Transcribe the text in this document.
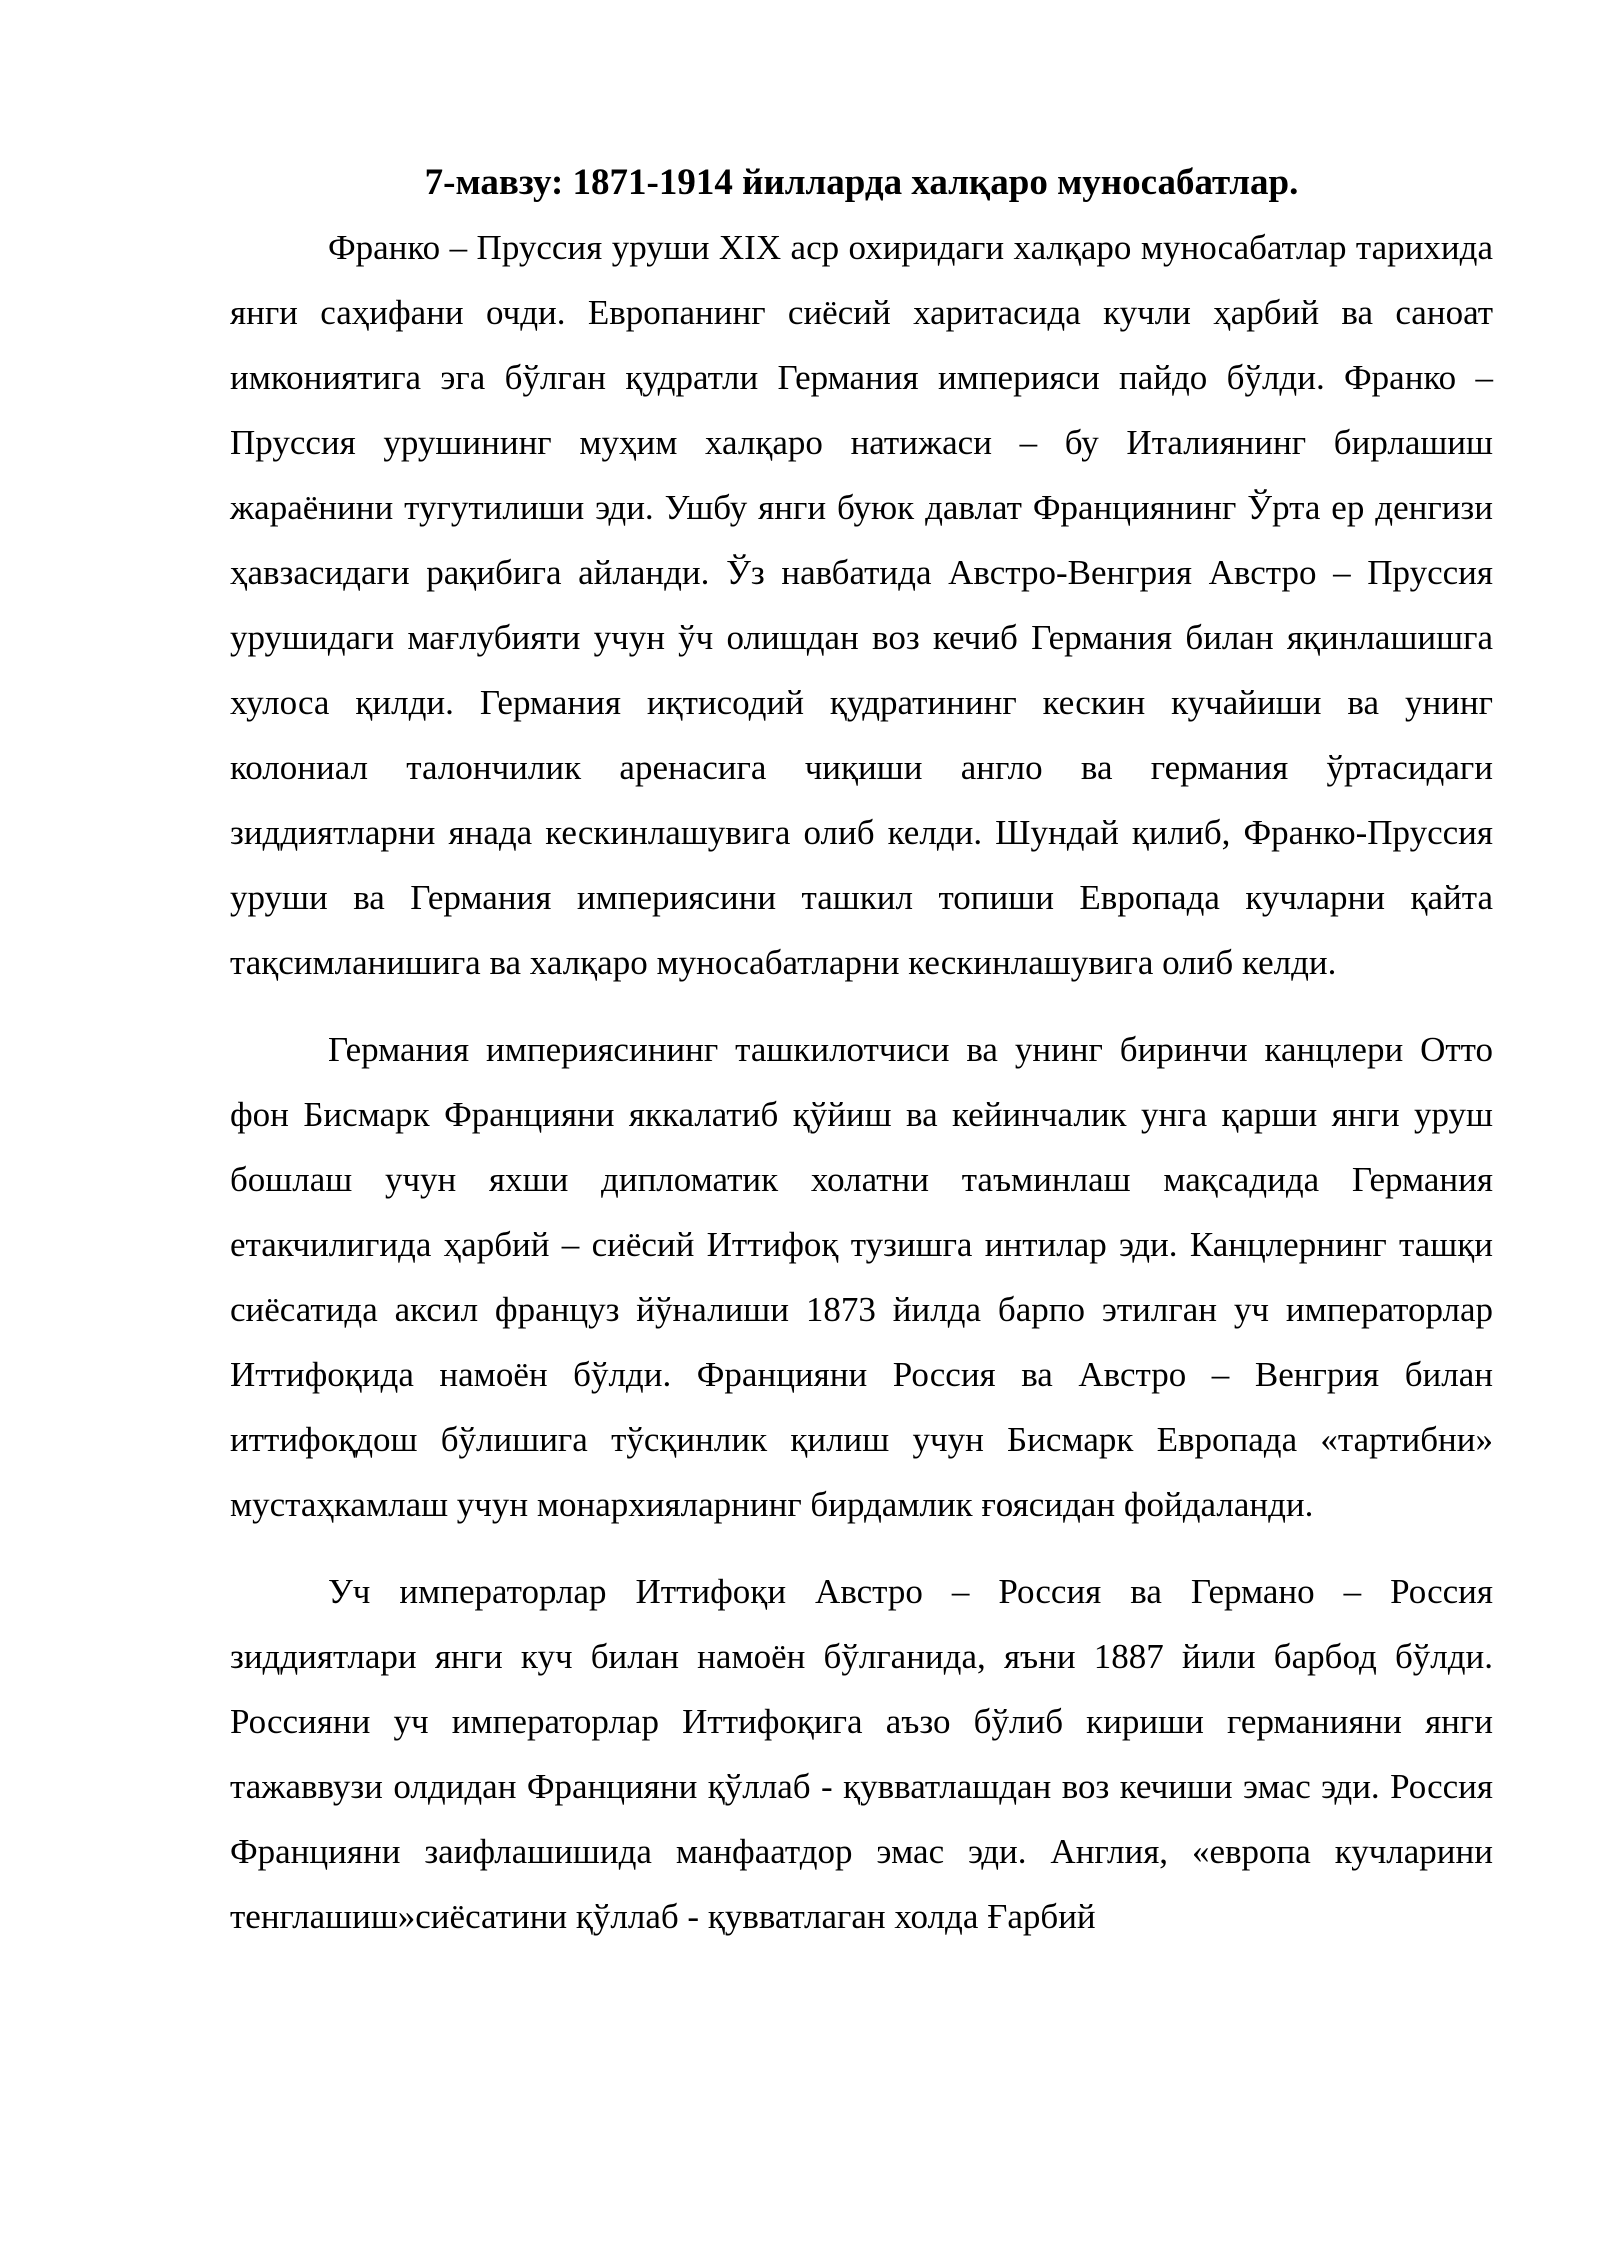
7-мавзу: 1871-1914 йилларда халқаро муносабатлар.

Франко – Пруссия уруши XIX аср охиридаги халқаро муносабатлар тарихида янги саҳифани очди. Европанинг сиёсий харитасида кучли ҳарбий ва саноат имкониятига эга бўлган қудратли Германия империяси пайдо бўлди. Франко – Пруссия урушининг муҳим халқаро натижаси – бу Италиянинг бирлашиш жараёнини тугутилиши эди. Ушбу янги буюк давлат Франциянинг Ўрта ер денгизи ҳавзасидаги рақибига айланди. Ўз навбатида Австро-Венгрия Австро – Пруссия урушидаги мағлубияти учун ўч олишдан воз кечиб Германия билан яқинлашишга хулоса қилди. Германия иқтисодий қудратининг кескин кучайиши ва унинг колониал талончилик аренасига чиқиши англо ва германия ўртасидаги зиддиятларни янада кескинлашувига олиб келди. Шундай қилиб, Франко-Пруссия уруши ва Германия империясини ташкил топиши Европада кучларни қайта тақсимланишига ва халқаро муносабатларни кескинлашувига олиб келди.

Германия империясининг ташкилотчиси ва унинг биринчи канцлери Отто фон Бисмарк Францияни яккалатиб қўйиш ва кейинчалик унга қарши янги уруш бошлаш учун яхши дипломатик холатни таъминлаш мақсадида Германия етакчилигида ҳарбий – сиёсий Иттифоқ тузишга интилар эди. Канцлернинг ташқи сиёсатида аксил француз йўналиши 1873 йилда барпо этилган уч императорлар Иттифоқида намоён бўлди. Францияни Россия ва Австро – Венгрия билан иттифоқдош бўлишига тўсқинлик қилиш учун Бисмарк Европада «тартибни» мустаҳкамлаш учун монархияларнинг бирдамлик ғоясидан фойдаланди.

Уч императорлар Иттифоқи Австро – Россия ва Германо – Россия зиддиятлари янги куч билан намоён бўлганида, яъни 1887 йили барбод бўлди. Россияни уч императорлар Иттифоқига аъзо бўлиб кириши германияни янги тажаввузи олдидан Францияни қўллаб - қувватлашдан воз кечиши эмас эди. Россия Францияни заифлашишида манфаатдор эмас эди. Англия, «европа кучларини тенглашиш»сиёсатини қўллаб - қувватлаган холда Ғарбий
